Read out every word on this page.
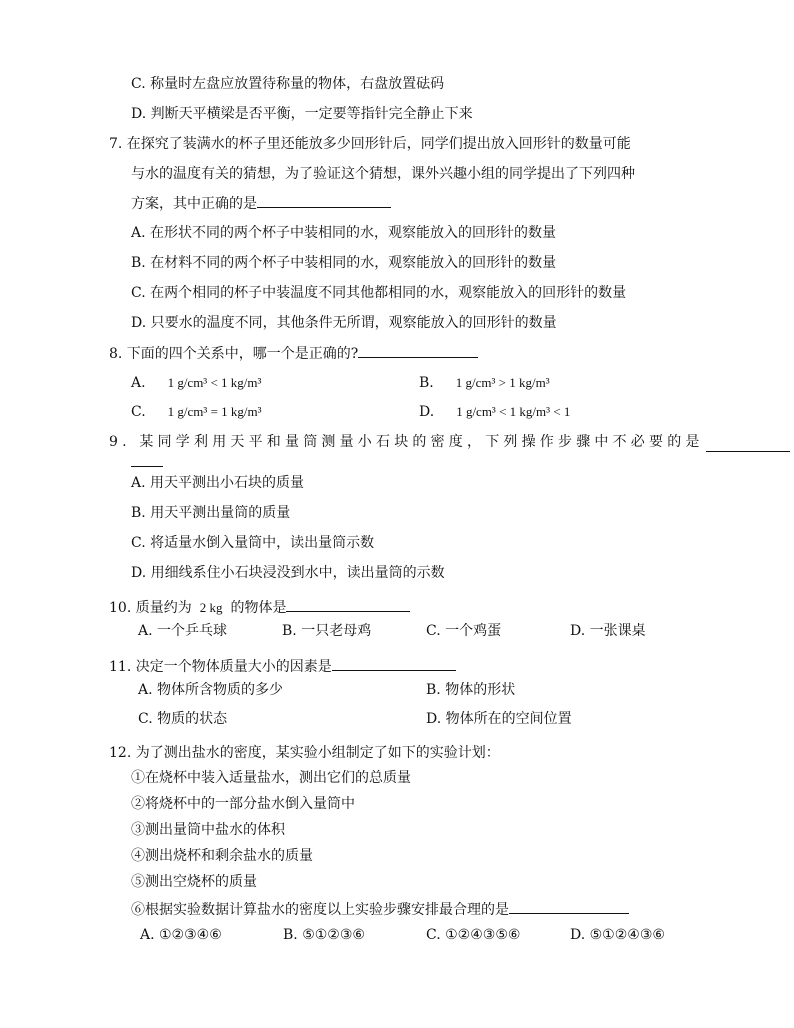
C. 称量时左盘应放置待称量的物体，右盘放置砝码
D. 判断天平横梁是否平衡，一定要等指针完全静止下来
7. 在探究了装满水的杯子里还能放多少回形针后，同学们提出放入回形针的数量可能
与水的温度有关的猜想，为了验证这个猜想，课外兴趣小组的同学提出了下列四种
方案，其中正确的是
A. 在形状不同的两个杯子中装相同的水，观察能放入的回形针的数量
B. 在材料不同的两个杯子中装相同的水，观察能放入的回形针的数量
C. 在两个相同的杯子中装温度不同其他都相同的水，观察能放入的回形针的数量
D. 只要水的温度不同，其他条件无所谓，观察能放入的回形针的数量
8. 下面的四个关系中，哪一个是正确的?
A. 1 g/cm³ < 1 kg/m³	B. 1 g/cm³ > 1 kg/m³
C. 1 g/cm³ = 1 kg/m³	D. 1 g/cm³ < 1 kg/m³ < 1
9. 某同学利用天平和量筒测量小石块的密度，下列操作步骤中不必要的是
A. 用天平测出小石块的质量
B. 用天平测出量筒的质量
C. 将适量水倒入量筒中，读出量筒示数
D. 用细线系住小石块浸没到水中，读出量筒的示数
10. 质量约为 2 kg 的物体是
A. 一个乒乓球	B. 一只老母鸡	C. 一个鸡蛋	D. 一张课桌
11. 决定一个物体质量大小的因素是
A. 物体所含物质的多少	B. 物体的形状
C. 物质的状态	D. 物体所在的空间位置
12. 为了测出盐水的密度，某实验小组制定了如下的实验计划：
①在烧杯中装入适量盐水，测出它们的总质量
②将烧杯中的一部分盐水倒入量筒中
③测出量筒中盐水的体积
④测出烧杯和剩余盐水的质量
⑤测出空烧杯的质量
⑥根据实验数据计算盐水的密度以上实验步骤安排最合理的是
A. ①②③④⑥	B. ⑤①②③⑥	C. ①②④③⑤⑥	D. ⑤①②④③⑥
